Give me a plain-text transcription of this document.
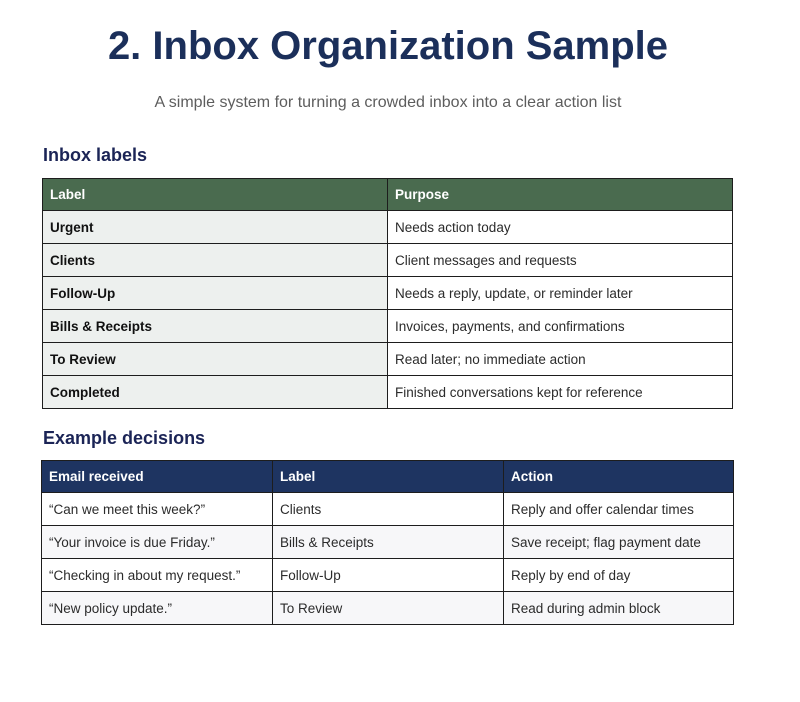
2. Inbox Organization Sample

A simple system for turning a crowded inbox into a clear action list

Inbox labels
Label	Purpose
Urgent	Needs action today
Clients	Client messages and requests
Follow-Up	Needs a reply, update, or reminder later
Bills & Receipts	Invoices, payments, and confirmations
To Review	Read later; no immediate action
Completed	Finished conversations kept for reference
Example decisions
Email received	Label	Action
“Can we meet this week?”	Clients	Reply and offer calendar times
“Your invoice is due Friday.”	Bills & Receipts	Save receipt; flag payment date
“Checking in about my request.”	Follow-Up	Reply by end of day
“New policy update.”	To Review	Read during admin block
